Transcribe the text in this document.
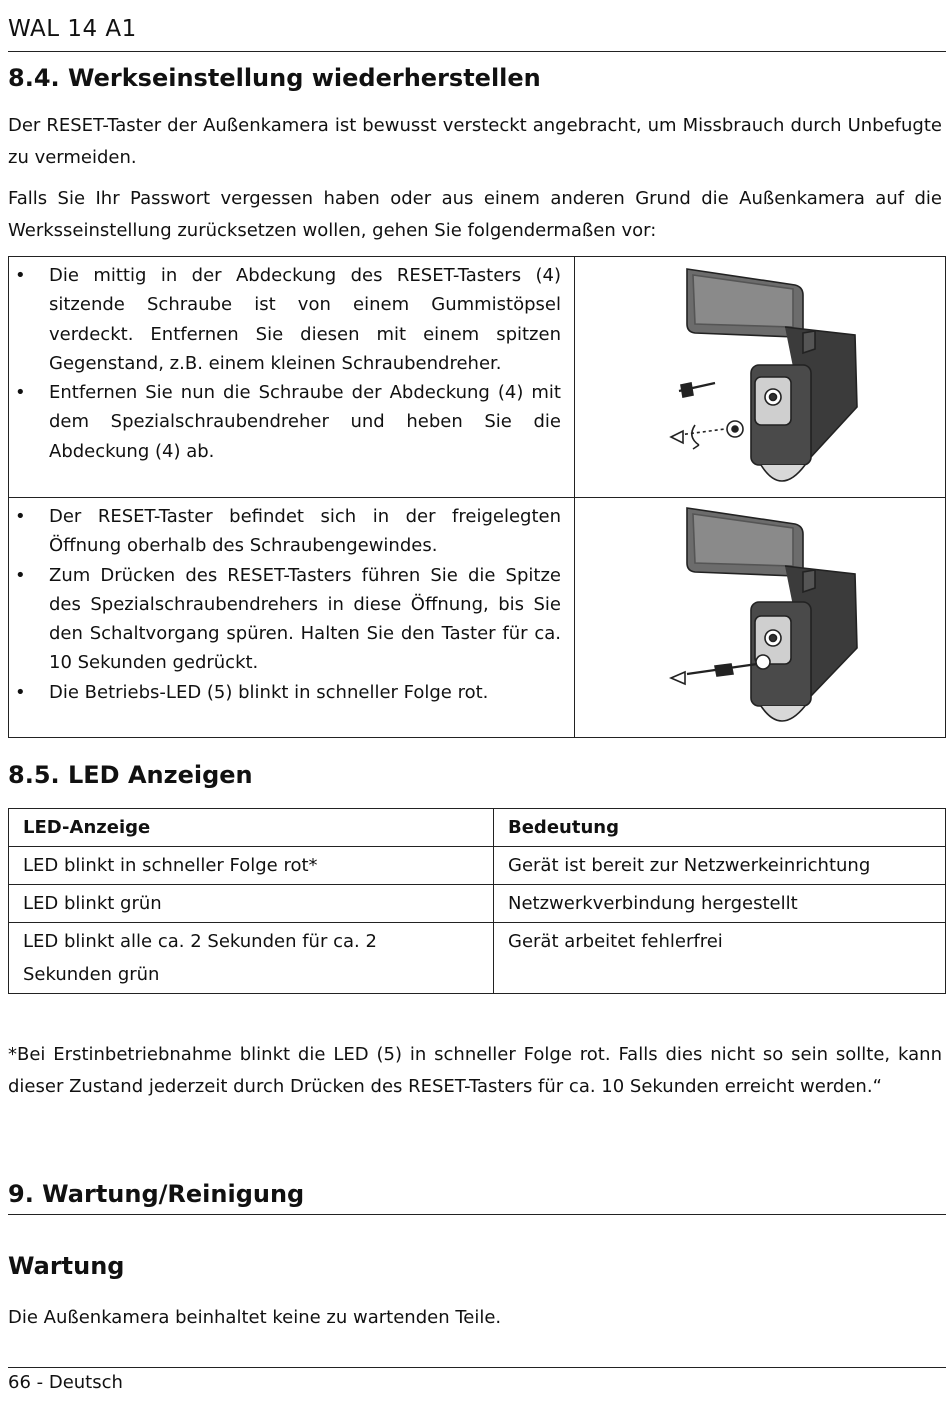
WAL 14 A1
8.4. Werkseinstellung wiederherstellen

Der RESET-Taster der Außenkamera ist bewusst versteckt angebracht, um Missbrauch durch Unbefugte zu vermeiden.

Falls Sie Ihr Passwort vergessen haben oder aus einem anderen Grund die Außenkamera auf die Werksseinstellung zurücksetzen wollen, gehen Sie folgendermaßen vor:

• Die mittig in der Abdeckung des RESET-Tasters (4) sitzende Schraube ist von einem Gummistöpsel verdeckt. Entfernen Sie diesen mit einem spitzen Gegenstand, z.B. einem kleinen Schraubendreher.
• Entfernen Sie nun die Schraube der Abdeckung (4) mit dem Spezialschraubendreher und heben Sie die Abdeckung (4) ab.
• Der RESET-Taster befindet sich in der freigelegten Öffnung oberhalb des Schraubengewindes.
• Zum Drücken des RESET-Tasters führen Sie die Spitze des Spezialschraubendrehers in diese Öffnung, bis Sie den Schaltvorgang spüren. Halten Sie den Taster für ca. 10 Sekunden gedrückt.
• Die Betriebs-LED (5) blinkt in schneller Folge rot.
8.5. LED Anzeigen
LED-Anzeige	Bedeutung
LED blinkt in schneller Folge rot*	Gerät ist bereit zur Netzwerkeinrichtung
LED blinkt grün	Netzwerkverbindung hergestellt
LED blinkt alle ca. 2 Sekunden für ca. 2 Sekunden grün	Gerät arbeitet fehlerfrei

*Bei Erstinbetriebnahme blinkt die LED (5) in schneller Folge rot. Falls dies nicht so sein sollte, kann dieser Zustand jederzeit durch Drücken des RESET-Tasters für ca. 10 Sekunden erreicht werden.“

9. Wartung/Reinigung
Wartung

Die Außenkamera beinhaltet keine zu wartenden Teile.

66 - Deutsch
